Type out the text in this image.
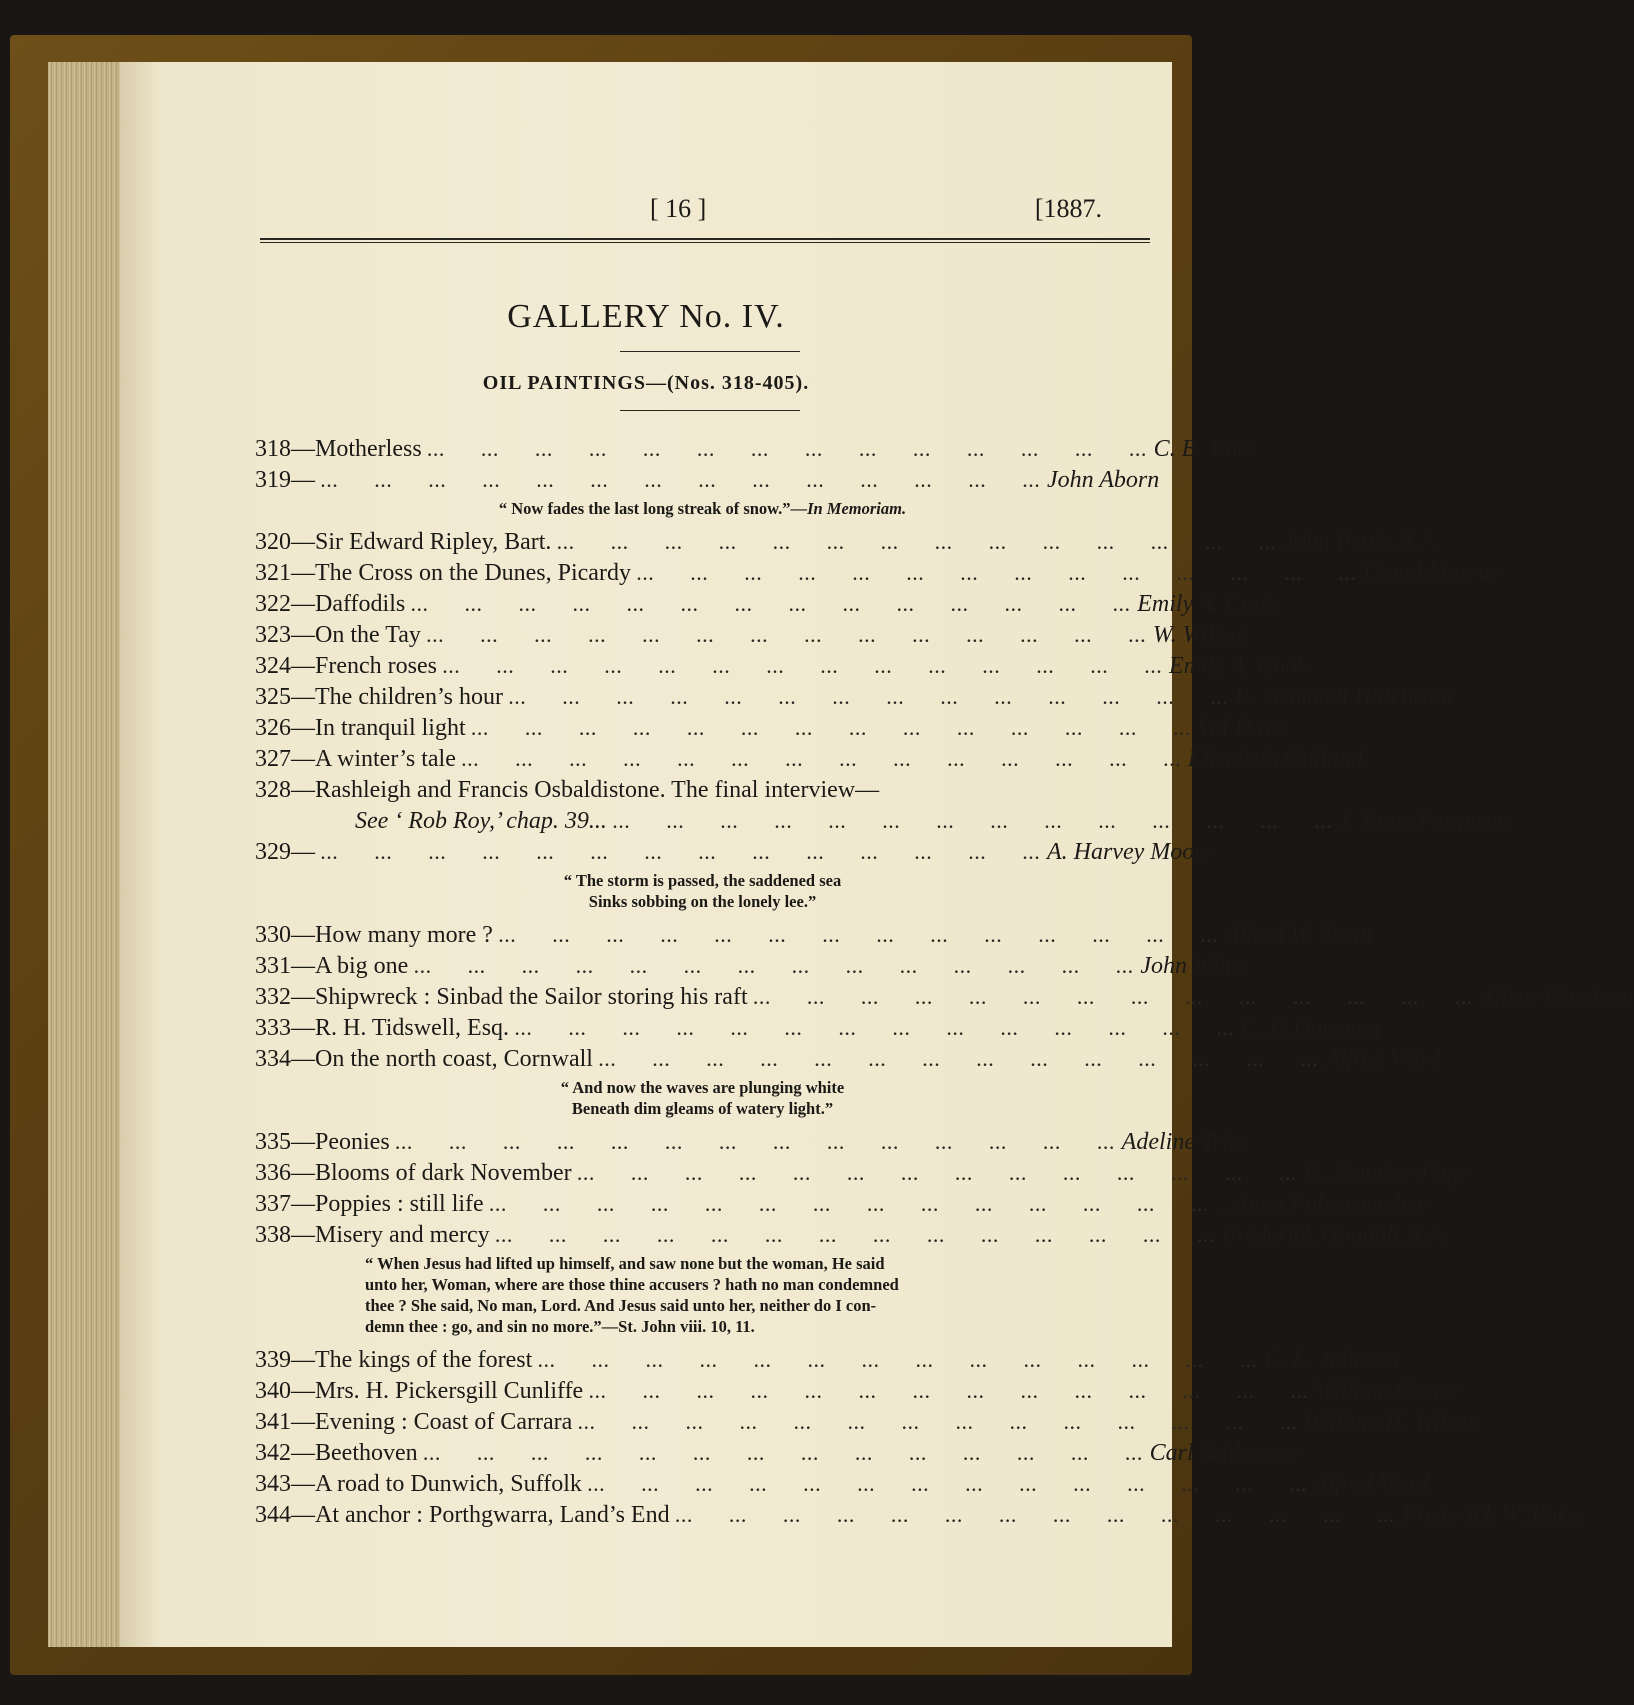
[ 16 ]	[1887.
GALLERY No. IV.
OIL PAINTINGS—(Nos. 318-405).
318— Motherless ... ... ... ... ... ... ... ... ... ... ... ... ... ... C. B. Yates
319— ... ... ... ... ... ... ... ... ... ... ... ... ... ... John Aborn
“ Now fades the last long streak of snow.”—In Memoriam.
320— Sir Edward Ripley, Bart. ... ... ... ... ... ... ... ... ... ... ... ... ... ... John Pettie, R.A.
321— The Cross on the Dunes, Picardy ... ... ... ... ... ... ... ... ... ... ... ... ... ... David Murray
322— Daffodils ... ... ... ... ... ... ... ... ... ... ... ... ... ... Emily A. Cook
323— On the Tay ... ... ... ... ... ... ... ... ... ... ... ... ... ... W. Wilson
324— French roses ... ... ... ... ... ... ... ... ... ... ... ... ... ... Emily A. Cook
325— The children’s hour ... ... ... ... ... ... ... ... ... ... ... ... ... ... R. Gemmell Hutchison
326— In tranquil light ... ... ... ... ... ... ... ... ... ... ... ... ... ... Val Davis
327— A winter’s tale ... ... ... ... ... ... ... ... ... ... ... ... ... ... Elizabeth Gulland
328— Rashleigh and Francis Osbaldistone. The final interview—
See ‘ Rob Roy,’ chap. 39... ... ... ... ... ... ... ... ... ... ... ... ... ... ... J. Knox Ferguson
329— ... ... ... ... ... ... ... ... ... ... ... ... ... ... A. Harvey Moore
“ The storm is passed, the saddened sea
Sinks sobbing on the lonely lee.”
330— How many more ? ... ... ... ... ... ... ... ... ... ... ... ... ... ... Alfred W. Strutt
331— A big one ... ... ... ... ... ... ... ... ... ... ... ... ... ... John White
332— Shipwreck : Sinbad the Sailor storing his raft ... ... ... ... ... ... ... ... ... ... ... ... ... ... Albert Goodwin
333— R. H. Tidswell, Esq. ... ... ... ... ... ... ... ... ... ... ... ... ... ... C. P. Downing
334— On the north coast, Cornwall ... ... ... ... ... ... ... ... ... ... ... ... ... ... Alfred Ward
“ And now the waves are plunging white
Beneath dim gleams of watery light.”
335— Peonies ... ... ... ... ... ... ... ... ... ... ... ... ... ... Adeline Trier
336— Blooms of dark November ... ... ... ... ... ... ... ... ... ... ... ... ... ... H. Maurice Page
337— Poppies : still life ... ... ... ... ... ... ... ... ... ... ... ... ... ... ...Anna Pulvermacher
338— Misery and mercy ... ... ... ... ... ... ... ... ... ... ... ... ... ... Frederick Goodall, R.A.
“ When Jesus had lifted up himself, and saw none but the woman, He said
unto her, Woman, where are those thine accusers ? hath no man condemned
thee ? She said, No man, Lord. And Jesus said unto her, neither do I con-
demn thee : go, and sin no more.”—St. John viii. 10, 11.
339— The kings of the forest ... ... ... ... ... ... ... ... ... ... ... ... ... ... C. E. Johnson
340— Mrs. H. Pickersgill Cunliffe ... ... ... ... ... ... ... ... ... ... ... ... ... ... William Carter
341— Evening : Coast of Carrara ... ... ... ... ... ... ... ... ... ... ... ... ... ... William H. Wilson
342— Beethoven ... ... ... ... ... ... ... ... ... ... ... ... ... ... Carl Schloesser
343— A road to Dunwich, Suffolk ... ... ... ... ... ... ... ... ... ... ... ... ... ... Alfred Ward
344— At anchor : Porthgwarra, Land’s End ... ... ... ... ... ... ... ... ... ... ... ... ... ... Frederick W. Baker
